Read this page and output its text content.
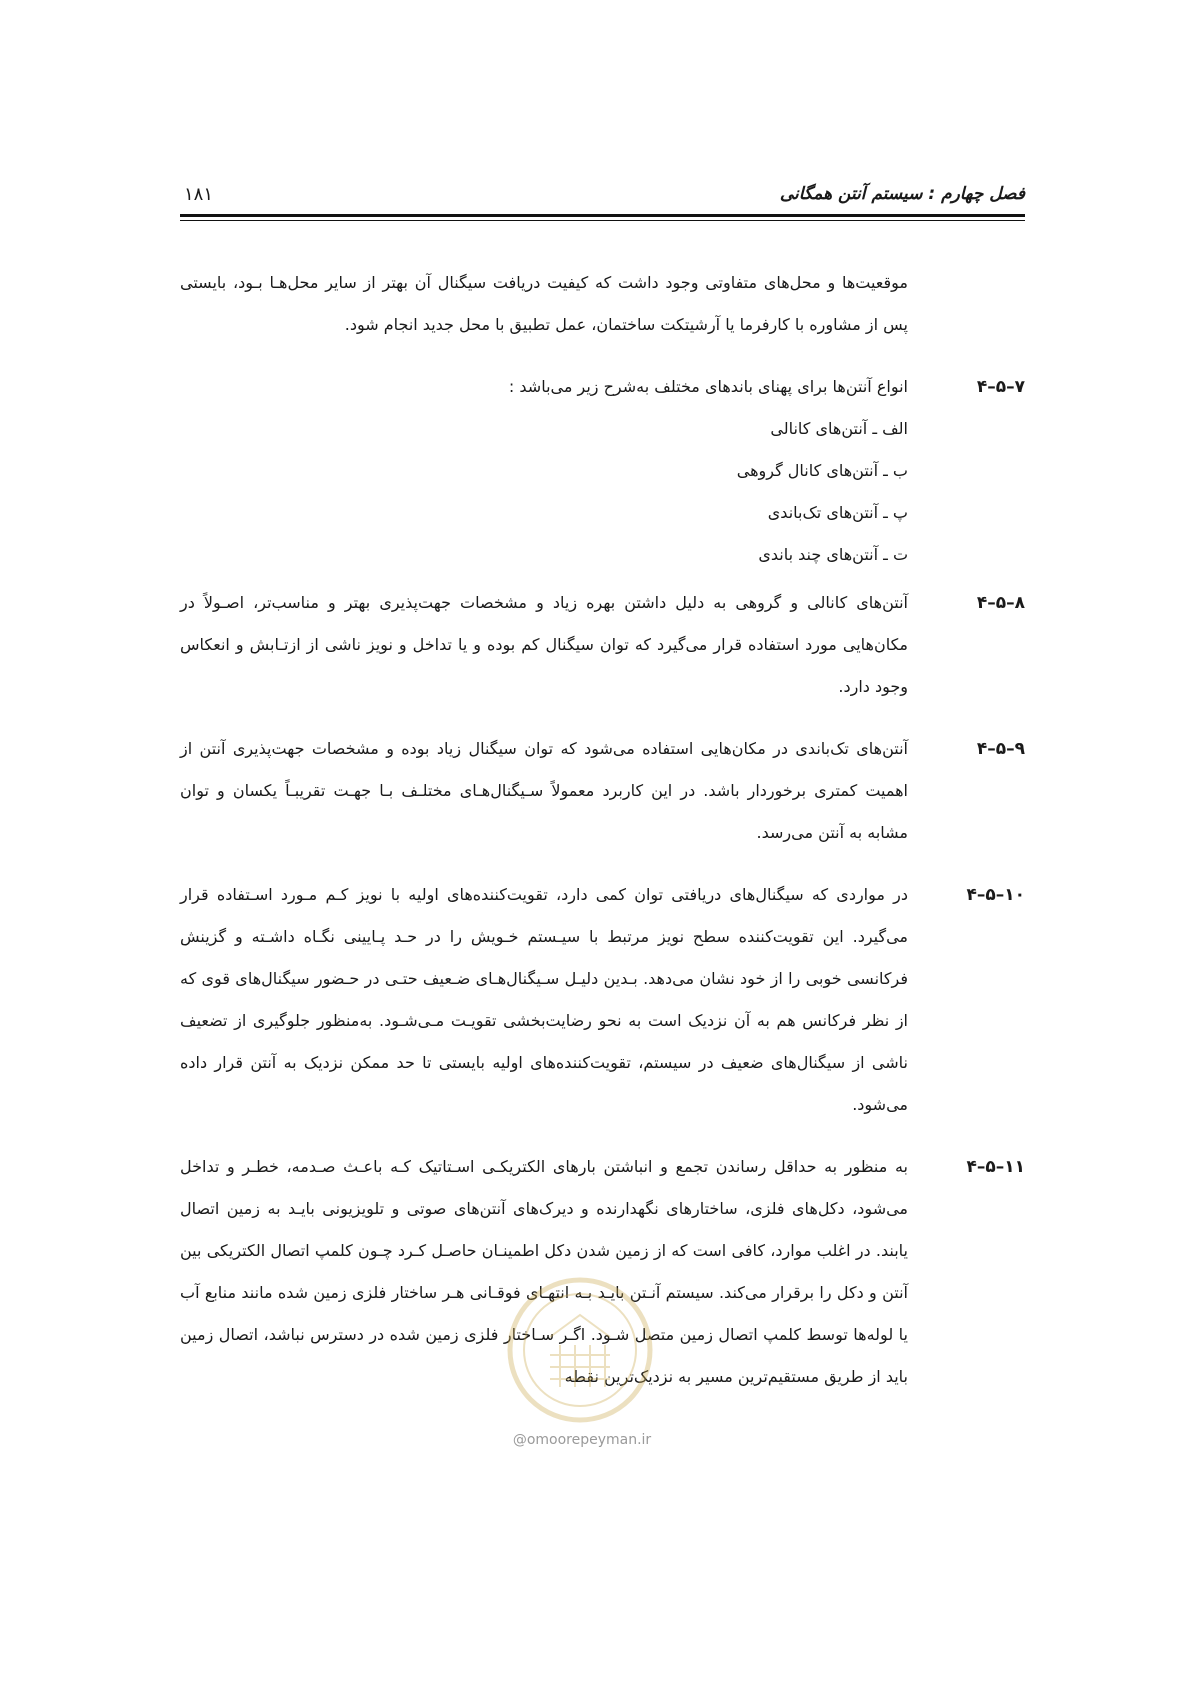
فصل چهارم : سیستم آنتن همگانی
۱۸۱
موقعیت‌ها و محل‌های متفاوتی وجود داشت که کیفیت دریافت سیگنال آن بهتر از سایر محل‌هـا بـود، بایستی پس از مشاوره با کارفرما یا آرشیتکت ساختمان، عمل تطبیق با محل جدید انجام شود.
۴–۵–۷
انواع آنتن‌ها برای پهنای باندهای مختلف به‌شرح زیر می‌باشد :
الف ـ آنتن‌های کانالی
ب ـ آنتن‌های کانال گروهی
پ ـ آنتن‌های تک‌باندی
ت ـ آنتن‌های چند باندی
۴–۵–۸
آنتن‌های کانالی و گروهی به دلیل داشتن بهره زیاد و مشخصات جهت‌پذیری بهتر و مناسب‌تر، اصـولاً در مکان‌هایی مورد استفاده قرار می‌گیرد که توان سیگنال کم بوده و یا تداخل و نویز ناشی از ازتـابش و انعکاس وجود دارد.
۴–۵–۹
آنتن‌های تک‌باندی در مکان‌هایی استفاده می‌شود که توان سیگنال زیاد بوده و مشخصات جهت‌پذیری آنتن از اهمیت کمتری برخوردار باشد. در این کاربرد معمولاً سـیگنال‌هـای مختلـف بـا جهـت تقریبـاً یکسان و توان مشابه به آنتن می‌رسد.
۴–۵–۱۰
در مواردی که سیگنال‌های دریافتی توان کمی دارد، تقویت‌کننده‌های اولیه با نویز کـم مـورد اسـتفاده قرار می‌گیرد. این تقویت‌کننده سطح نویز مرتبط با سیـستم خـویش را در حـد پـایینی نگـاه داشـته و گزینش فرکانسی خوبی را از خود نشان می‌دهد. بـدین دلیـل سـیگنال‌هـای ضـعیف حتـی در حـضور سیگنال‌های قوی که از نظر فرکانس هم به آن نزدیک است به نحو رضایت‌بخشی تقویـت مـی‌شـود. به‌منظور جلوگیری از تضعیف ناشی از سیگنال‌های ضعیف در سیستم، تقویت‌کننده‌های اولیه بایستی تا حد ممکن نزدیک به آنتن قرار داده می‌شود.
۴–۵–۱۱
به منظور به حداقل رساندن تجمع و انباشتن بارهای الکتریکـی اسـتاتیک کـه باعـث صـدمه، خطـر و تداخل می‌شود، دکل‌های فلزی، ساختارهای نگهدارنده و دیرک‌های آنتن‌های صوتی و تلویزیونی بایـد به زمین اتصال یابند. در اغلب موارد، کافی است که از زمین شدن دکل اطمینـان حاصـل کـرد چـون کلمپ اتصال الکتریکی بین آنتن و دکل را برقرار می‌کند. سیستم آنـتن بایـد بـه انتهـای فوقـانی هـر ساختار فلزی زمین شده مانند منابع آب یا لوله‌ها توسط کلمپ اتصال زمین متصل شـود. اگـر سـاختار فلزی زمین شده در دسترس نباشد، اتصال زمین باید از طریق مستقیم‌ترین مسیر به نزدیک‌ترین نقطه
@omoorepeyman.ir
